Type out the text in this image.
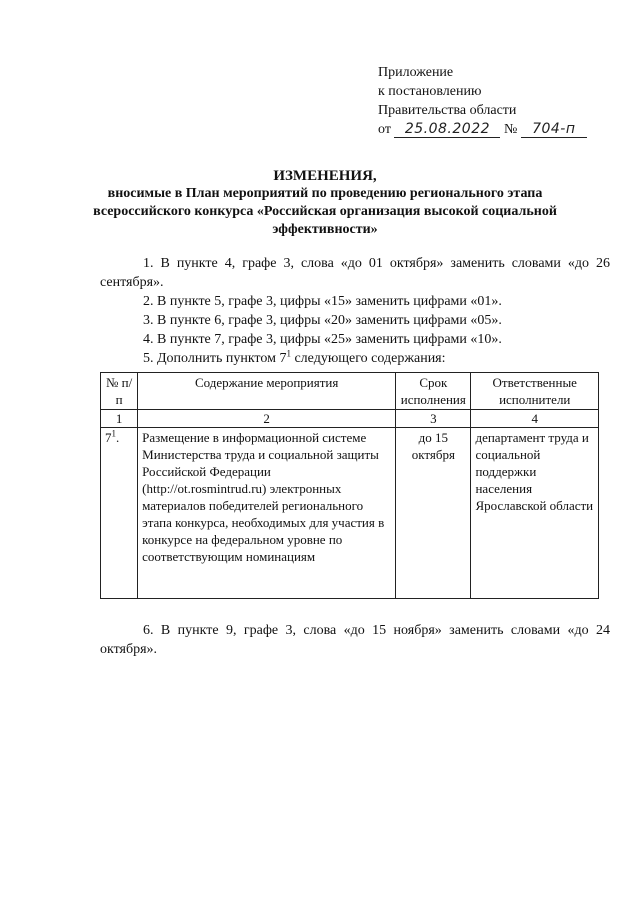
Приложение
к постановлению
Правительства области
от 25.08.2022 № 704-п
ИЗМЕНЕНИЯ,
вносимые в План мероприятий по проведению регионального этапа всероссийского конкурса «Российская организация высокой социальной эффективности»

1. В пункте 4, графе 3, слова «до 01 октября» заменить словами «до 26 сентября».

2. В пункте 5, графе 3, цифры «15» заменить цифрами «01».

3. В пункте 6, графе 3, цифры «20» заменить цифрами «05».

4. В пункте 7, графе 3, цифры «25» заменить цифрами «10».

5. Дополнить пунктом $7^1$ следующего содержания:

№ п/п	Содержание мероприятия	Срок исполнения	Ответственные исполнители
1	2	3	4
$7^1$.	Размещение в информационной системе Министерства труда и социальной защиты Российской Федерации (http://ot.rosmintrud.ru) электронных материалов победителей регионального этапа конкурса, необходимых для участия в конкурсе на федеральном уровне по соответствующим номинациям	до 15 октября	департамент труда и социальной поддержки населения Ярославской области

6. В пункте 9, графе 3, слова «до 15 ноября» заменить словами «до 24 октября».
